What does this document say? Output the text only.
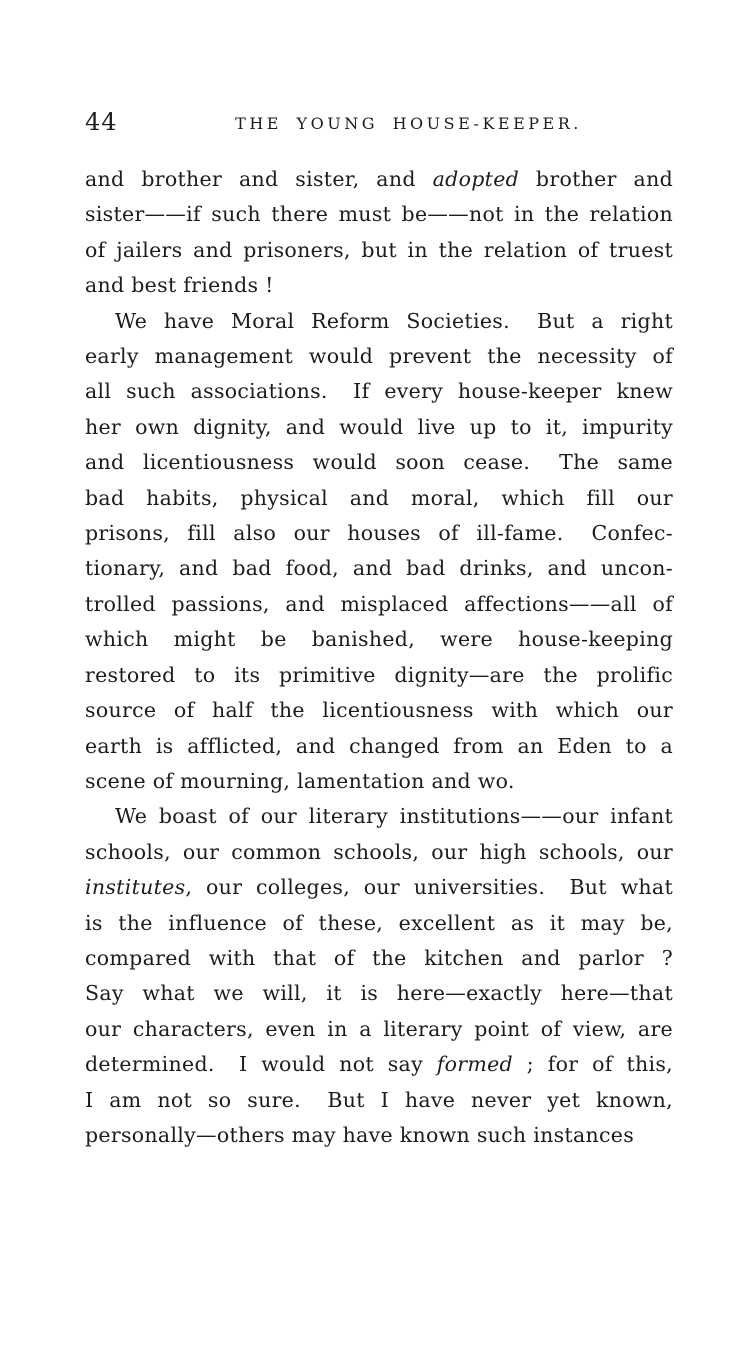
44	THE YOUNG HOUSE-KEEPER.
and brother and sister, and adopted brother and
sister——if such there must be——not in the relation
of jailers and prisoners, but in the relation of truest
and best friends !
We have Moral Reform Societies.  But a right
early management would prevent the necessity of
all such associations.  If every house-keeper knew
her own dignity, and would live up to it, impurity
and licentiousness would soon cease.  The same
bad habits, physical and moral, which fill our
prisons, fill also our houses of ill-fame.  Confec-
tionary, and bad food, and bad drinks, and uncon-
trolled passions, and misplaced affections——all of
which might be banished, were house-keeping
restored to its primitive dignity—are the prolific
source of half the licentiousness with which our
earth is afflicted, and changed from an Eden to a
scene of mourning, lamentation and wo.
We boast of our literary institutions——our infant
schools, our common schools, our high schools, our
institutes, our colleges, our universities.  But what
is the influence of these, excellent as it may be,
compared with that of the kitchen and parlor ?
Say what we will, it is here—exactly here—that
our characters, even in a literary point of view, are
determined.  I would not say formed ; for of this,
I am not so sure.  But I have never yet known,
personally—others may have known such instances
